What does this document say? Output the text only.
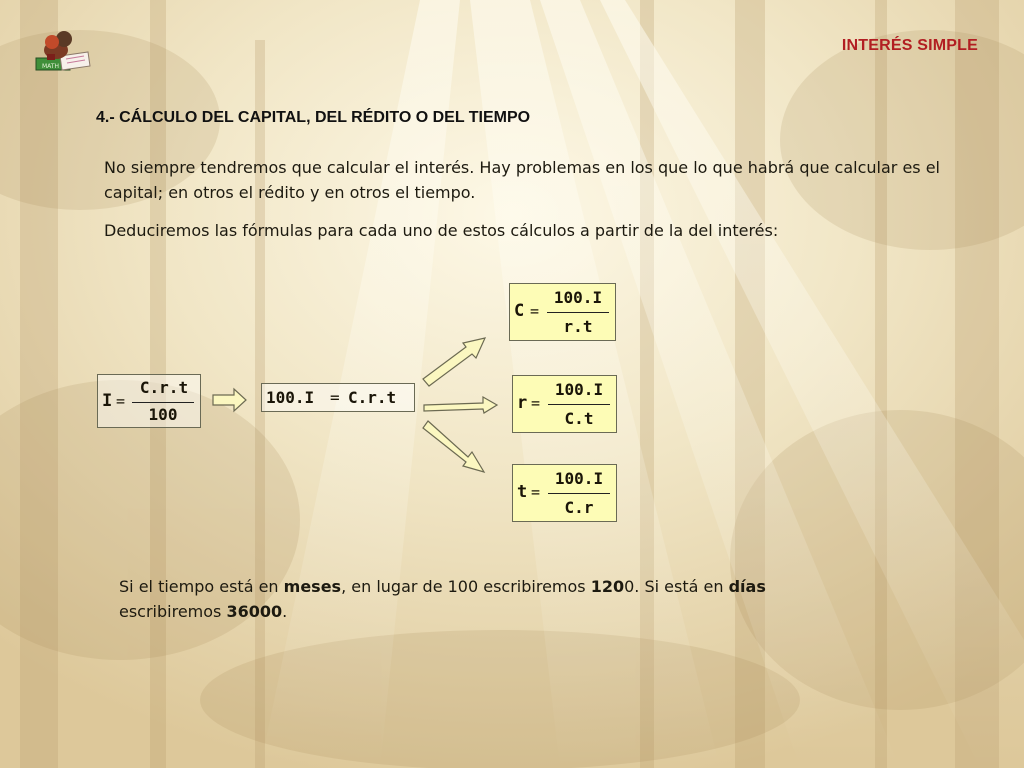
MATH
INTERÉS SIMPLE
4.- CÁLCULO DEL CAPITAL, DEL RÉDITO O DEL TIEMPO
No siempre tendremos que calcular el interés. Hay problemas en los que lo que habrá que calcular es el capital; en otros el rédito y en otros el tiempo.
Deduciremos las fórmulas para cada uno de estos cálculos a partir de la del interés:
I =
C.r.t
100
100.I = C.r.t
C =
100.I
r.t
r =
100.I
C.t
t =
100.I
C.r
Si el tiempo está en meses, en lugar de 100 escribiremos 1200. Si está en días
escribiremos 36000.
